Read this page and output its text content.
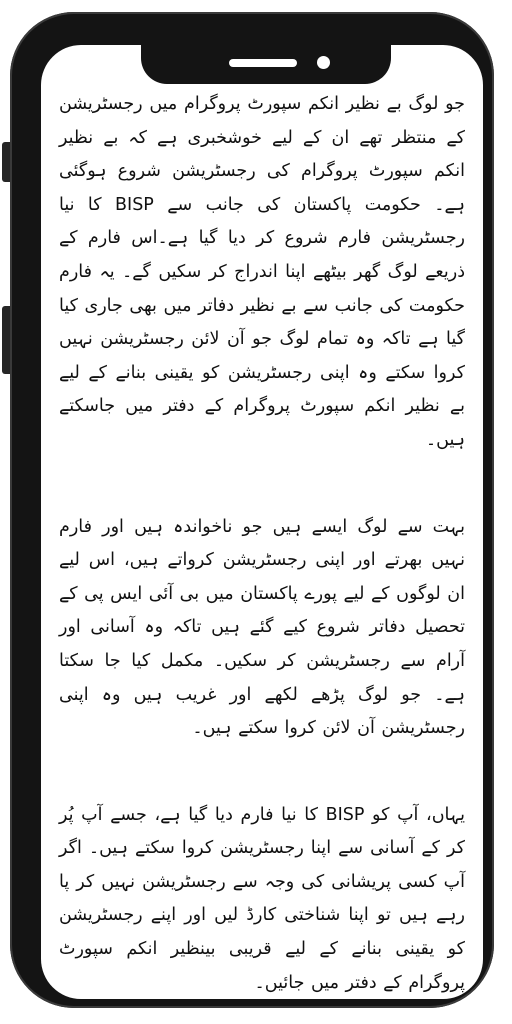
جو لوگ بے نظیر انکم سپورٹ پروگرام میں رجسٹریشن کے منتظر تھے ان کے لیے خوشخبری ہے کہ بے نظیر انکم سپورٹ پروگرام کی رجسٹریشن شروع ہوگئی ہے۔ حکومت پاکستان کی جانب سے BISP کا نیا رجسٹریشن فارم شروع کر دیا گیا ہے۔اس فارم کے ذریعے لوگ گھر بیٹھے اپنا اندراج کر سکیں گے۔ یہ فارم حکومت کی جانب سے بے نظیر دفاتر میں بھی جاری کیا گیا ہے تاکہ وہ تمام لوگ جو آن لائن رجسٹریشن نہیں کروا سکتے وہ اپنی رجسٹریشن کو یقینی بنانے کے لیے بے نظیر انکم سپورٹ پروگرام کے دفتر میں جاسکتے ہیں۔

بہت سے لوگ ایسے ہیں جو ناخواندہ ہیں اور فارم نہیں بھرتے اور اپنی رجسٹریشن کرواتے ہیں، اس لیے ان لوگوں کے لیے پورے پاکستان میں بی آئی ایس پی کے تحصیل دفاتر شروع کیے گئے ہیں تاکہ وہ آسانی اور آرام سے رجسٹریشن کر سکیں۔ مکمل کیا جا سکتا ہے۔ جو لوگ پڑھے لکھے اور غریب ہیں وہ اپنی رجسٹریشن آن لائن کروا سکتے ہیں۔

یہاں، آپ کو BISP کا نیا فارم دیا گیا ہے، جسے آپ پُر کر کے آسانی سے اپنا رجسٹریشن کروا سکتے ہیں۔ اگر آپ کسی پریشانی کی وجہ سے رجسٹریشن نہیں کر پا رہے ہیں تو اپنا شناختی کارڈ لیں اور اپنے رجسٹریشن کو یقینی بنانے کے لیے قریبی بینظیر انکم سپورٹ پروگرام کے دفتر میں جائیں۔
